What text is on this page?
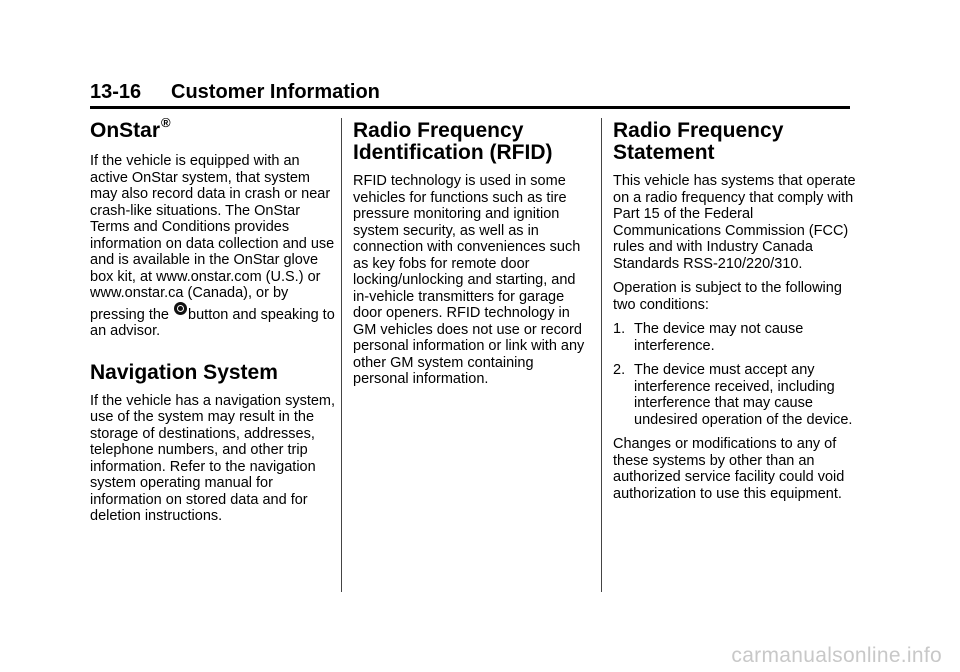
13-16 Customer Information
OnStar®

If the vehicle is equipped with an active OnStar system, that system may also record data in crash or near crash-like situations. The OnStar Terms and Conditions provides information on data collection and use and is available in the OnStar glove box kit, at www.onstar.com (U.S.) or www.onstar.ca (Canada), or by pressing the button and speaking to an advisor.

Navigation System

If the vehicle has a navigation system, use of the system may result in the storage of destinations, addresses, telephone numbers, and other trip information. Refer to the navigation system operating manual for information on stored data and for deletion instructions.

Radio Frequency Identification (RFID)

RFID technology is used in some vehicles for functions such as tire pressure monitoring and ignition system security, as well as in connection with conveniences such as key fobs for remote door locking/unlocking and starting, and in-vehicle transmitters for garage door openers. RFID technology in GM vehicles does not use or record personal information or link with any other GM system containing personal information.

Radio Frequency Statement

This vehicle has systems that operate on a radio frequency that comply with Part 15 of the Federal Communications Commission (FCC) rules and with Industry Canada Standards RSS-210/220/310.

Operation is subject to the following two conditions:

1. The device may not cause interference.
2. The device must accept any interference received, including interference that may cause undesired operation of the device.

Changes or modifications to any of these systems by other than an authorized service facility could void authorization to use this equipment.

carmanualsonline.info
